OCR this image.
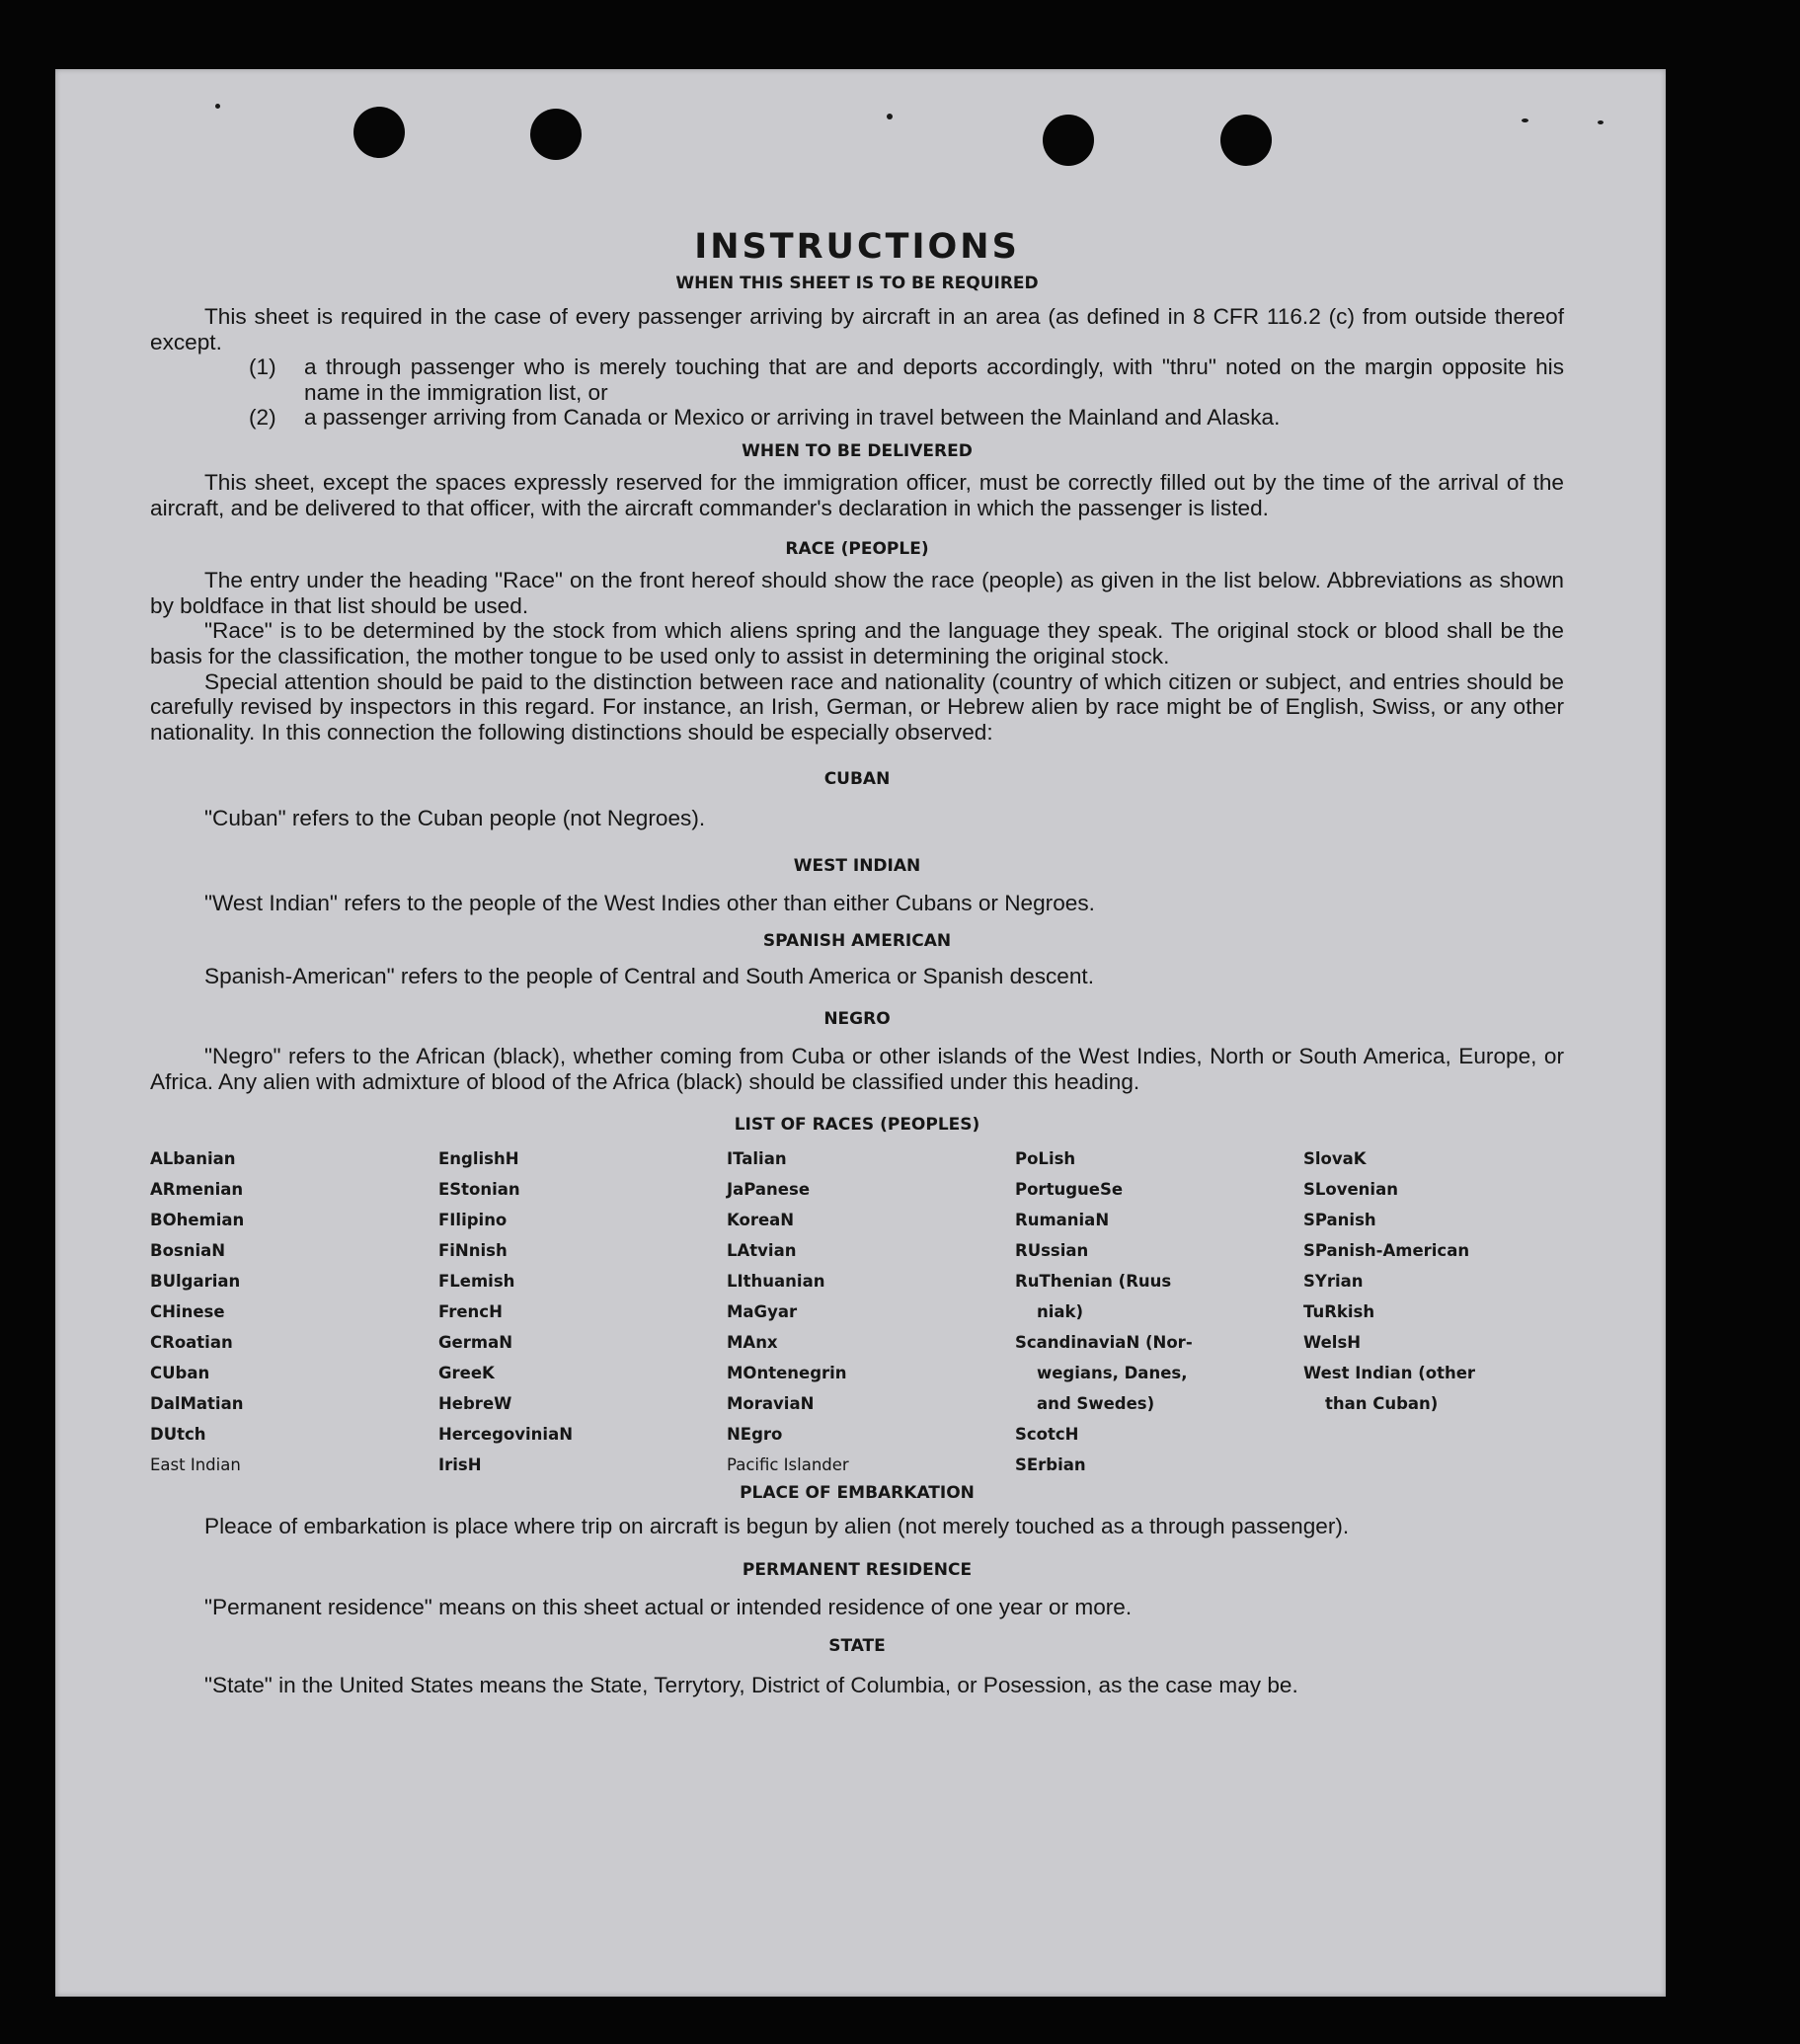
INSTRUCTIONS

WHEN THIS SHEET IS TO BE REQUIRED

This sheet is required in the case of every passenger arriving by aircraft in an area (as defined in 8 CFR 116.2 (c) from outside thereof except.

(1)	a through passenger who is merely touching that are and deports accordingly, with "thru" noted on the margin opposite his name in the immigration list, or
(2)	a passenger arriving from Canada or Mexico or arriving in travel between the Mainland and Alaska.

WHEN TO BE DELIVERED

This sheet, except the spaces expressly reserved for the immigration officer, must be correctly filled out by the time of the arrival of the aircraft, and be delivered to that officer, with the aircraft commander's declaration in which the passenger is listed.

RACE (PEOPLE)

The entry under the heading "Race" on the front hereof should show the race (people) as given in the list below. Abbreviations as shown by boldface in that list should be used.

"Race" is to be determined by the stock from which aliens spring and the language they speak. The original stock or blood shall be the basis for the classification, the mother tongue to be used only to assist in determining the original stock.

Special attention should be paid to the distinction between race and nationality (country of which citizen or subject, and entries should be carefully revised by inspectors in this regard. For instance, an Irish, German, or Hebrew alien by race might be of English, Swiss, or any other nationality. In this connection the following distinctions should be especially observed:

CUBAN

"Cuban" refers to the Cuban people (not Negroes).

WEST INDIAN

"West Indian" refers to the people of the West Indies other than either Cubans or Negroes.

SPANISH AMERICAN

Spanish-American" refers to the people of Central and South America or Spanish descent.

NEGRO

"Negro" refers to the African (black), whether coming from Cuba or other islands of the West Indies, North or South America, Europe, or Africa. Any alien with admixture of blood of the Africa (black) should be classified under this heading.

LIST OF RACES (PEOPLES)

ALbanian
ARmenian
BOhemian
BosniaN
BUlgarian
CHinese
CRoatian
CUban
DalMatian
DUtch
East Indian
EnglishH
EStonian
FIlipino
FiNnish
FLemish
FrencH
GermaN
GreeK
HebreW
HercegoviniaN
IrisH
ITalian
JaPanese
KoreaN
LAtvian
LIthuanian
MaGyar
MAnx
MOntenegrin
MoraviaN
NEgro
Pacific Islander
PoLish
PortugueSe
RumaniaN
RUssian
RuThenian (Ruus
niak)
ScandinaviaN (Nor-
wegians, Danes,
and Swedes)
ScotcH
SErbian
SlovaK
SLovenian
SPanish
SPanish-American
SYrian
TuRkish
WelsH
West Indian (other
than Cuban)

PLACE OF EMBARKATION

Pleace of embarkation is place where trip on aircraft is begun by alien (not merely touched as a through passenger).

PERMANENT RESIDENCE

"Permanent residence" means on this sheet actual or intended residence of one year or more.

STATE

"State" in the United States means the State, Terrytory, District of Columbia, or Posession, as the case may be.
